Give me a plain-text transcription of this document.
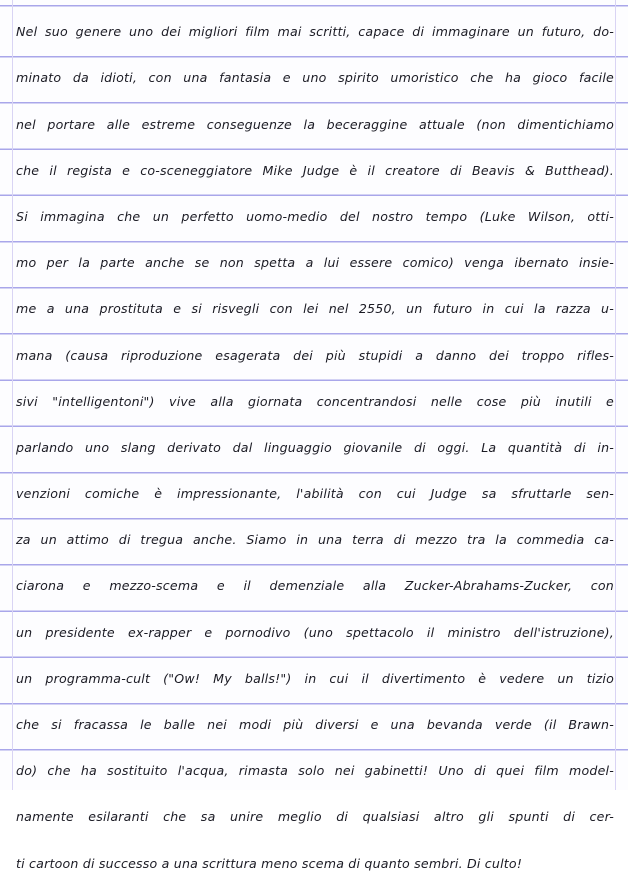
Nel suo genere uno dei migliori film mai scritti, capace di immaginare un futuro, do-
minato da idioti, con una fantasia e uno spirito umoristico che ha gioco facile
nel portare alle estreme conseguenze la beceraggine attuale (non dimentichiamo
che il regista e co-sceneggiatore Mike Judge è il creatore di Beavis & Butthead).
Si immagina che un perfetto uomo-medio del nostro tempo (Luke Wilson, otti-
mo per la parte anche se non spetta a lui essere comico) venga ibernato insie-
me a una prostituta e si risvegli con lei nel 2550, un futuro in cui la razza u-
mana (causa riproduzione esagerata dei più stupidi a danno dei troppo rifles-
sivi "intelligentoni") vive alla giornata concentrandosi nelle cose più inutili e
parlando uno slang derivato dal linguaggio giovanile di oggi. La quantità di in-
venzioni comiche è impressionante, l'abilità con cui Judge sa sfruttarle sen-
za un attimo di tregua anche. Siamo in una terra di mezzo tra la commedia ca-
ciarona e mezzo-scema e il demenziale alla Zucker-Abrahams-Zucker, con
un presidente ex-rapper e pornodivo (uno spettacolo il ministro dell'istruzione),
un programma-cult ("Ow! My balls!") in cui il divertimento è vedere un tizio
che si fracassa le balle nei modi più diversi e una bevanda verde (il Brawn-
do) che ha sostituito l'acqua, rimasta solo nei gabinetti! Uno di quei film model-
namente esilaranti che sa unire meglio di qualsiasi altro gli spunti di cer-
ti cartoon di successo a una scrittura meno scema di quanto sembri. Di culto!
